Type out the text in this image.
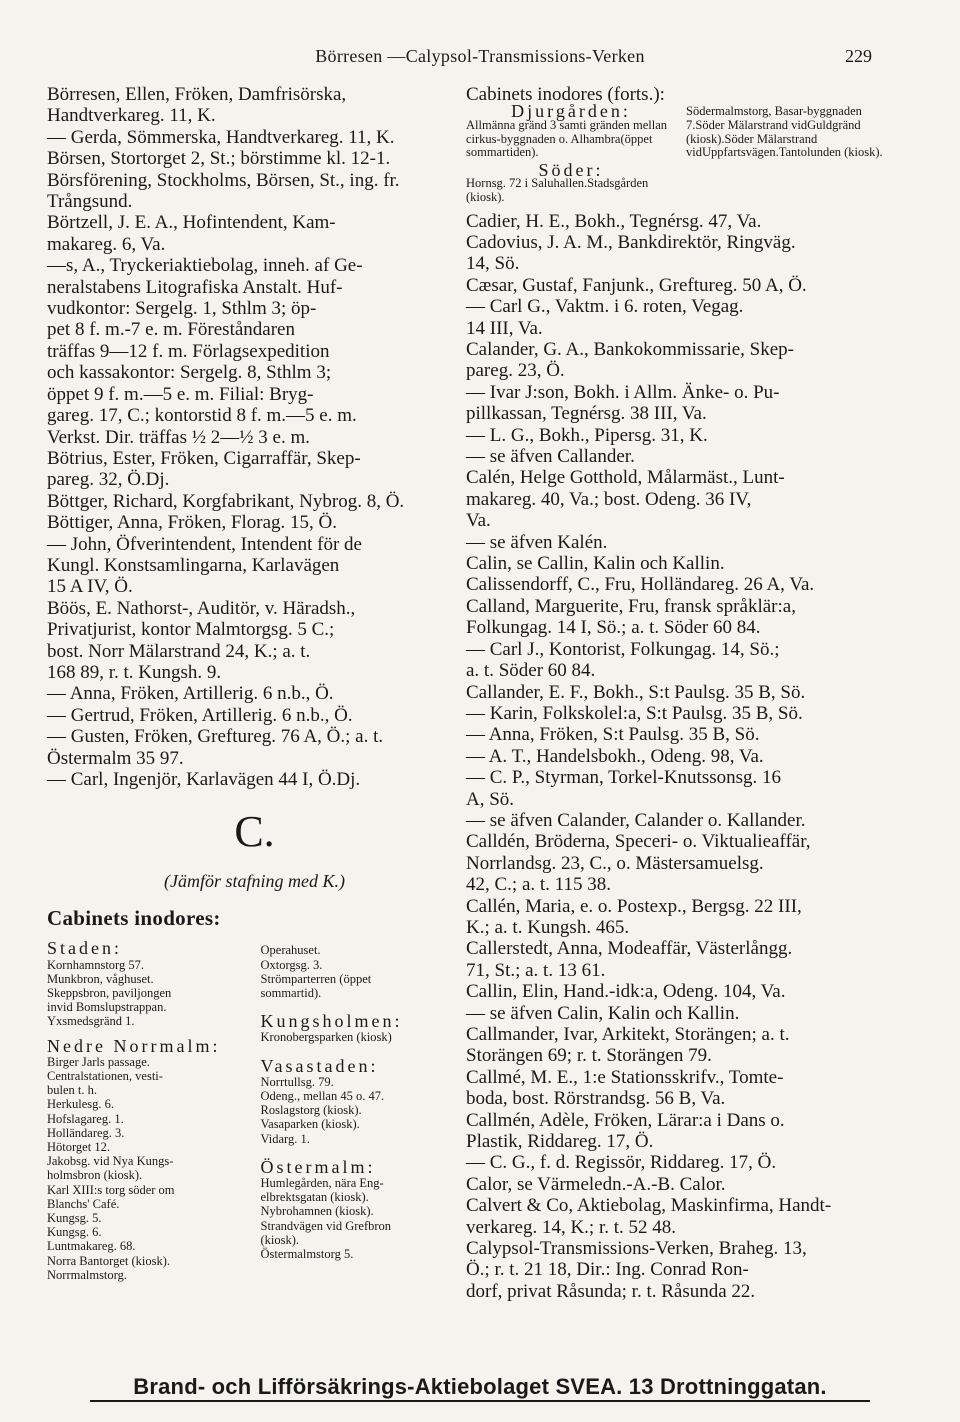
Börresen —Calypsol-Transmissions-Verken	229

Börresen, Ellen, Fröken, Damfrisörska,
Handtverkareg. 11, K.

— Gerda, Sömmerska, Handtverkareg. 11, K.

Börsen, Stortorget 2, St.; börstimme kl. 12-1.

Börsförening, Stockholms, Börsen, St., ing. fr.
Trångsund.

Börtzell, J. E. A., Hofintendent, Kam-
makareg. 6, Va.

—s, A., Tryckeriaktiebolag, inneh. af Ge-
neralstabens Litografiska Anstalt. Huf-
vudkontor: Sergelg. 1, Sthlm 3; öp-
pet 8 f. m.-7 e. m. Föreståndaren
träffas 9—12 f. m. Förlagsexpedition
och kassakontor: Sergelg. 8, Sthlm 3;
öppet 9 f. m.—5 e. m. Filial: Bryg-
gareg. 17, C.; kontorstid 8 f. m.—5 e. m.
Verkst. Dir. träffas ½ 2—½ 3 e. m.

Bötrius, Ester, Fröken, Cigarraffär, Skep-
pareg. 32, Ö.Dj.

Böttger, Richard, Korgfabrikant, Nybrog. 8, Ö.

Böttiger, Anna, Fröken, Florag. 15, Ö.

— John, Öfverintendent, Intendent för de
Kungl. Konstsamlingarna, Karlavägen
15 A IV, Ö.

Böös, E. Nathorst-, Auditör, v. Häradsh.,
Privatjurist, kontor Malmtorgsg. 5 C.;
bost. Norr Mälarstrand 24, K.; a. t.
168 89, r. t. Kungsh. 9.

— Anna, Fröken, Artillerig. 6 n.b., Ö.

— Gertrud, Fröken, Artillerig. 6 n.b., Ö.

— Gusten, Fröken, Greftureg. 76 A, Ö.; a. t.
Östermalm 35 97.

— Carl, Ingenjör, Karlavägen 44 I, Ö.Dj.

C.
(Jämför stafning med K.)
Cabinets inodores:
Staden:
Kornhamnstorg 57.
Munkbron, våghuset.
Skeppsbron, paviljongen
invid Bomslupstrappan.
Yxsmedsgränd 1.
Nedre Norrmalm:
Birger Jarls passage.
Centralstationen, vesti-
bulen t. h.
Herkulesg. 6.
Hofslagareg. 1.
Holländareg. 3.
Hötorget 12.
Jakobsg. vid Nya Kungs-
holmsbron (kiosk).
Karl XIII:s torg söder om
Blanchs' Café.
Kungsg. 5.
Kungsg. 6.
Luntmakareg. 68.
Norra Bantorget (kiosk).
Norrmalmstorg.
Operahuset.
Oxtorgsg. 3.
Strömparterren (öppet
sommartid).
Kungsholmen:
Kronobergsparken (kiosk)
Vasastaden:
Norrtullsg. 79.
Odeng., mellan 45 o. 47.
Roslagstorg (kiosk).
Vasaparken (kiosk).
Vidarg. 1.
Östermalm:
Humlegården, nära Eng-
elbrektsgatan (kiosk).
Nybrohamnen (kiosk).
Strandvägen vid Grefbron
(kiosk).
Östermalmstorg 5.
Cabinets inodores (forts.):
Djurgården:
Allmänna gränd 3 samti gränden mellan cirkus-byggnaden o. Alhambra(öppet sommartiden).
Söder:
Hornsg. 72 i Saluhallen.Stadsgården (kiosk).
Södermalmstorg, Basar-byggnaden 7.Söder Mälarstrand vidGuldgränd (kiosk).Söder Mälarstrand vidUppfartsvägen.Tantolunden (kiosk).

Cadier, H. E., Bokh., Tegnérsg. 47, Va.

Cadovius, J. A. M., Bankdirektör, Ringväg.
14, Sö.

Cæsar, Gustaf, Fanjunk., Greftureg. 50 A, Ö.

— Carl G., Vaktm. i 6. roten, Vegag.
14 III, Va.

Calander, G. A., Bankokommissarie, Skep-
pareg. 23, Ö.

— Ivar J:son, Bokh. i Allm. Änke- o. Pu-
pillkassan, Tegnérsg. 38 III, Va.

— L. G., Bokh., Pipersg. 31, K.

— se äfven Callander.

Calén, Helge Gotthold, Målarmäst., Lunt-
makareg. 40, Va.; bost. Odeng. 36 IV,
Va.

— se äfven Kalén.

Calin, se Callin, Kalin och Kallin.

Calissendorff, C., Fru, Holländareg. 26 A, Va.

Calland, Marguerite, Fru, fransk språklär:a,
Folkungag. 14 I, Sö.; a. t. Söder 60 84.

— Carl J., Kontorist, Folkungag. 14, Sö.;
a. t. Söder 60 84.

Callander, E. F., Bokh., S:t Paulsg. 35 B, Sö.

— Karin, Folkskolel:a, S:t Paulsg. 35 B, Sö.

— Anna, Fröken, S:t Paulsg. 35 B, Sö.

— A. T., Handelsbokh., Odeng. 98, Va.

— C. P., Styrman, Torkel-Knutssonsg. 16
A, Sö.

— se äfven Calander, Calander o. Kallander.

Calldén, Bröderna, Speceri- o. Viktualieaffär,
Norrlandsg. 23, C., o. Mästersamuelsg.
42, C.; a. t. 115 38.

Callén, Maria, e. o. Postexp., Bergsg. 22 III,
K.; a. t. Kungsh. 465.

Callerstedt, Anna, Modeaffär, Västerlångg.
71, St.; a. t. 13 61.

Callin, Elin, Hand.-idk:a, Odeng. 104, Va.

— se äfven Calin, Kalin och Kallin.

Callmander, Ivar, Arkitekt, Storängen; a. t.
Storängen 69; r. t. Storängen 79.

Callmé, M. E., 1:e Stationsskrifv., Tomte-
boda, bost. Rörstrandsg. 56 B, Va.

Callmén, Adèle, Fröken, Lärar:a i Dans o.
Plastik, Riddareg. 17, Ö.

— C. G., f. d. Regissör, Riddareg. 17, Ö.

Calor, se Värmeledn.-A.-B. Calor.

Calvert & Co, Aktiebolag, Maskinfirma, Handt-
verkareg. 14, K.; r. t. 52 48.

Calypsol-Transmissions-Verken, Braheg. 13,
Ö.; r. t. 21 18, Dir.: Ing. Conrad Ron-
dorf, privat Råsunda; r. t. Råsunda 22.

Brand- och Lifförsäkrings-Aktiebolaget SVEA. 13 Drottninggatan.
